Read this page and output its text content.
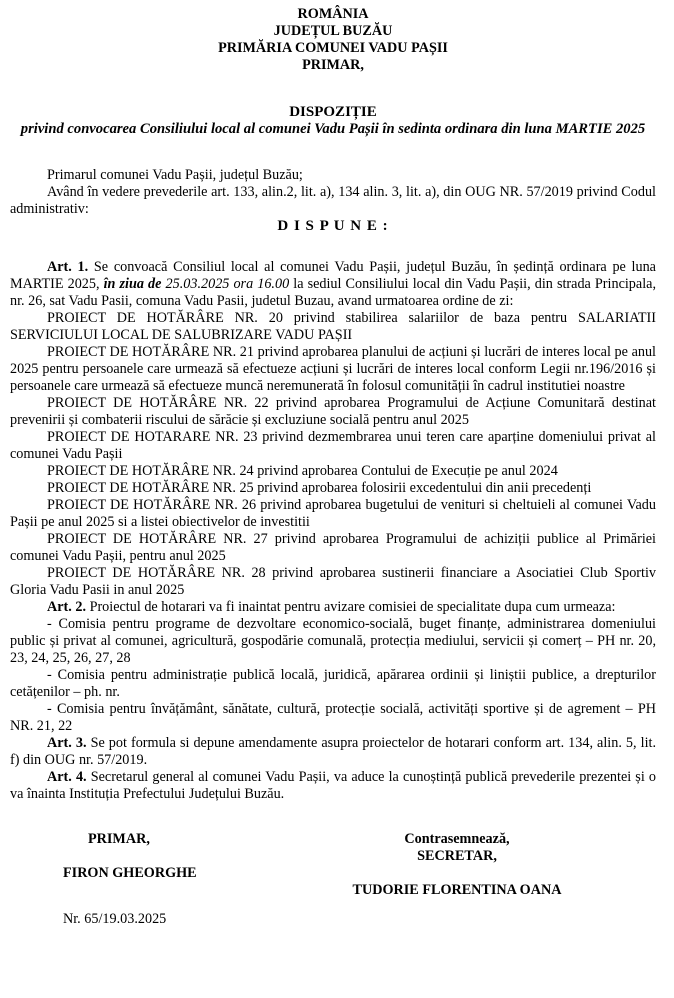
ROMÂNIA

JUDEȚUL BUZĂU

PRIMĂRIA COMUNEI VADU PAȘII

PRIMAR,

DISPOZIȚIE

privind convocarea Consiliului local al comunei Vadu Pașii în sedinta ordinara din luna MARTIE 2025

Primarul comunei Vadu Pașii, județul Buzău;

Având în vedere prevederile art. 133, alin.2, lit. a), 134 alin. 3, lit. a), din OUG NR. 57/2019 privind Codul administrativ:

D I S P U N E :

Art. 1. Se convoacă Consiliul local al comunei Vadu Pașii, județul Buzău, în ședință ordinara pe luna MARTIE 2025, în ziua de 25.03.2025 ora 16.00 la sediul Consiliului local din Vadu Pașii, din strada Principala, nr. 26, sat Vadu Pasii, comuna Vadu Pasii, judetul Buzau, avand urmatoarea ordine de zi:

PROIECT DE HOTĂRÂRE NR. 20 privind stabilirea salariilor de baza pentru SALARIATII SERVICIULUI LOCAL DE SALUBRIZARE VADU PAȘII

PROIECT DE HOTĂRÂRE NR. 21 privind aprobarea planului de acțiuni și lucrări de interes local pe anul 2025 pentru persoanele care urmează să efectueze acțiuni și lucrări de interes local conform Legii nr.196/2016 și persoanele care urmează să efectueze muncă neremunerată în folosul comunității în cadrul institutiei noastre

PROIECT DE HOTĂRÂRE NR. 22 privind aprobarea Programului de Acțiune Comunitară destinat prevenirii și combaterii riscului de sărăcie și excluziune socială pentru anul 2025

PROIECT DE HOTARARE NR. 23 privind dezmembrarea unui teren care aparține domeniului privat al comunei Vadu Pașii

PROIECT DE HOTĂRÂRE NR. 24 privind aprobarea Contului de Execuție pe anul 2024

PROIECT DE HOTĂRÂRE NR. 25 privind aprobarea folosirii excedentului din anii precedenți

PROIECT DE HOTĂRÂRE NR. 26 privind aprobarea bugetului de venituri si cheltuieli al comunei Vadu Pașii pe anul 2025 si a listei obiectivelor de investitii

PROIECT DE HOTĂRÂRE NR. 27 privind aprobarea Programului de achiziții publice al Primăriei comunei Vadu Pașii, pentru anul 2025

PROIECT DE HOTĂRÂRE NR. 28 privind aprobarea sustinerii financiare a Asociatiei Club Sportiv Gloria Vadu Pasii in anul 2025

Art. 2. Proiectul de hotarari va fi inaintat pentru avizare comisiei de specialitate dupa cum urmeaza:

- Comisia pentru programe de dezvoltare economico-socială, buget finanțe, administrarea domeniului public și privat al comunei, agricultură, gospodărie comunală, protecția mediului, servicii și comerț – PH nr. 20, 23, 24, 25, 26, 27, 28

- Comisia pentru administrație publică locală, juridică, apărarea ordinii și liniștii publice, a drepturilor cetățenilor – ph. nr.

- Comisia pentru învățământ, sănătate, cultură, protecție socială, activități sportive și de agrement – PH NR. 21, 22

Art. 3. Se pot formula si depune amendamente asupra proiectelor de hotarari conform art. 134, alin. 5, lit. f) din OUG nr. 57/2019.

Art. 4. Secretarul general al comunei Vadu Pașii, va aduce la cunoștință publică prevederile prezentei și o va înainta Instituția Prefectului Județului Buzău.

PRIMAR,
FIRON GHEORGHE

Contrasemnează,

SECRETAR,

TUDORIE FLORENTINA OANA

Nr. 65/19.03.2025
